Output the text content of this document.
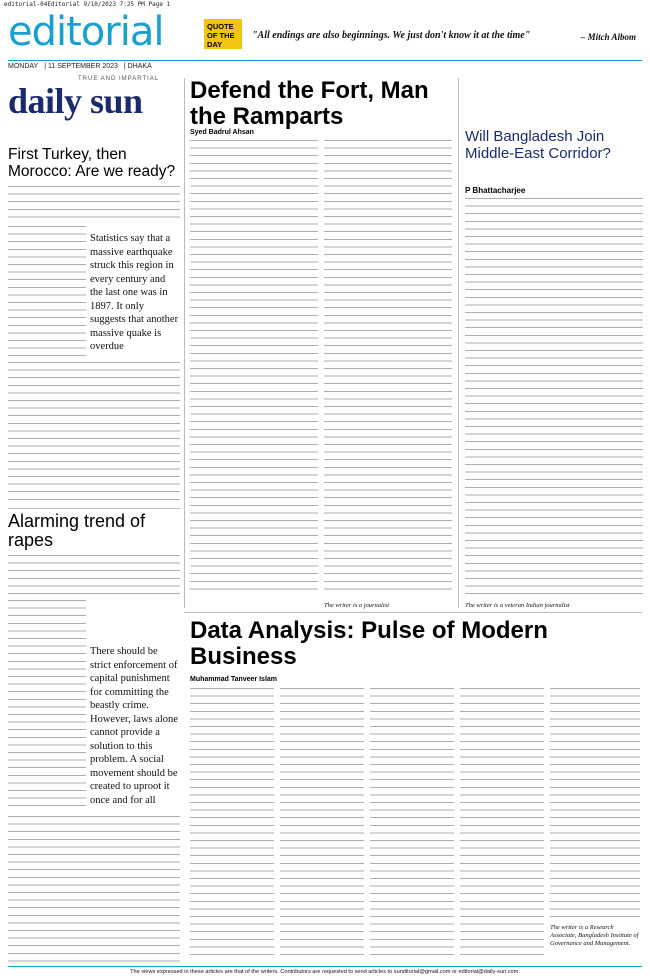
editorial-04Editorial 9/10/2023 7:25 PM Page 1
editorial	QUOTE OF THE DAY
"All endings are also beginnings. We just don't know it at the time"	– Mitch Albom
MONDAY | 11 SEPTEMBER 2023 | DHAKA
TRUE AND IMPARTIAL
daily sun Defend the Fort, Man the Ramparts
Syed Badrul Ahsan
The writer is a journalist
First Turkey, then Morocco: Are we ready?
Statistics say that a massive earthquake struck this region in every century and the last one was in 1897. It only suggests that another massive quake is overdue
Alarming trend of rapes
There should be strict enforcement of capital punishment for committing the beastly crime. However, laws alone cannot provide a solution to this problem. A social movement should be created to uproot it once and for all
Will Bangladesh Join Middle-East Corridor?
P Bhattacharjee
The writer is a veteran Indian journalist
Data Analysis: Pulse of Modern Business
Muhammad Tanveer Islam
The writer is a Research Associate, Bangladesh Institute of Governance and Management.
The views expressed in these articles are that of the writers. Contributors are requested to send articles to sunditorial@gmail.com or editorial@daily-sun.com.
